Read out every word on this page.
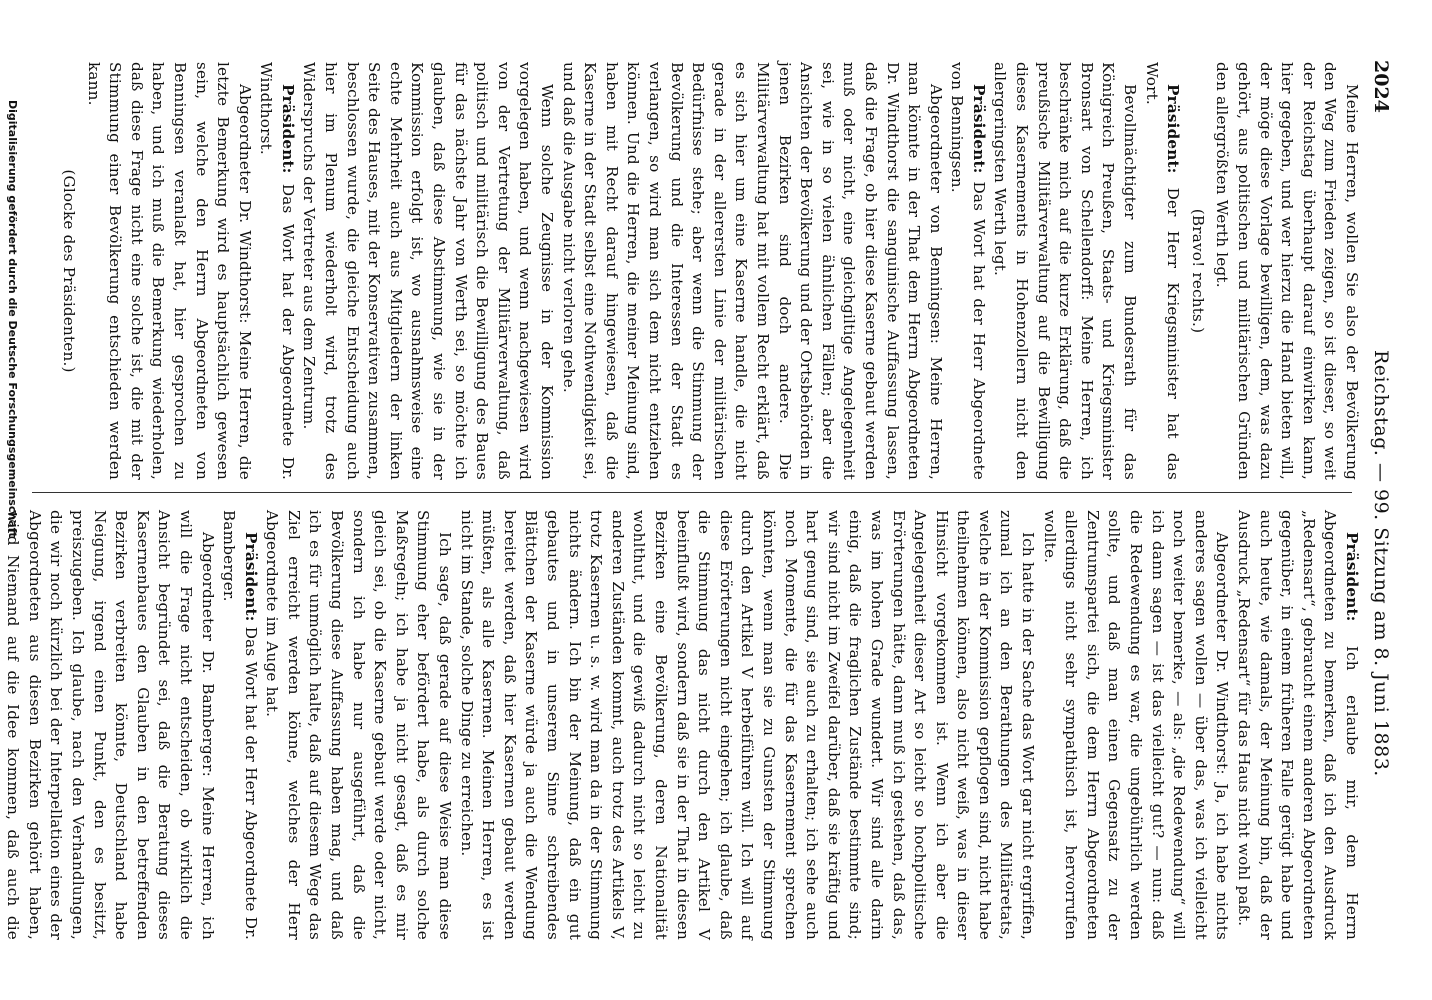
2024
Reichstag. — 99. Sitzung am 8. Juni 1883.

Meine Herren, wollen Sie also der Bevölkerung den Weg zum Frieden zeigen, so ist dieser, so weit der Reichstag überhaupt darauf einwirken kann, hier gegeben, und wer hierzu die Hand bieten will, der möge diese Vorlage bewilligen, dem, was dazu gehört, aus politischen und militärischen Gründen den allergrößten Werth legt.

(Bravo! rechts.)

Präsident: Der Herr Kriegsminister hat das Wort.

Bevollmächtigter zum Bundesrath für das Königreich Preußen, Staats- und Kriegsminister Bronsart von Schellendorff: Meine Herren, ich beschränke mich auf die kurze Erklärung, daß die preußische Militärverwaltung auf die Bewilligung dieses Kasernements in Hohenzollern nicht den allergeringsten Werth legt.

Präsident: Das Wort hat der Herr Abgeordnete von Benningsen.

Abgeordneter von Benningsen: Meine Herren, man könnte in der That dem Herrn Abgeordneten Dr. Windthorst die sanguinische Auffassung lassen, daß die Frage, ob hier diese Kaserne gebaut werden muß oder nicht, eine gleichgiltige Angelegenheit sei, wie in so vielen ähnlichen Fällen; aber die Ansichten der Bevölkerung und der Ortsbehörden in jenen Bezirken sind doch andere. Die Militärverwaltung hat mit vollem Recht erklärt, daß es sich hier um eine Kaserne handle, die nicht gerade in der allerersten Linie der militärischen Bedürfnisse stehe; aber wenn die Stimmung der Bevölkerung und die Interessen der Stadt es verlangen, so wird man sich dem nicht entziehen können. Und die Herren, die meiner Meinung sind, haben mit Recht darauf hingewiesen, daß die Kaserne in der Stadt selbst eine Nothwendigkeit sei, und daß die Ausgabe nicht verloren gehe.

Wenn solche Zeugnisse in der Kommission vorgelegen haben, und wenn nachgewiesen wird von der Vertretung der Militärverwaltung, daß politisch und militärisch die Bewilligung des Baues für das nächste Jahr von Werth sei, so möchte ich glauben, daß diese Abstimmung, wie sie in der Kommission erfolgt ist, wo ausnahmsweise eine echte Mehrheit auch aus Mitgliedern der linken Seite des Hauses, mit der Konservativen zusammen, beschlossen wurde, die gleiche Entscheidung auch hier im Plenum wiederholt wird, trotz des Widerspruchs der Vertreter aus dem Zentrum.

Präsident: Das Wort hat der Abgeordnete Dr. Windthorst.

Abgeordneter Dr. Windthorst: Meine Herren, die letzte Bemerkung wird es hauptsächlich gewesen sein, welche den Herrn Abgeordneten von Benningsen veranlaßt hat, hier gesprochen zu haben, und ich muß die Bemerkung wiederholen, daß diese Frage nicht eine solche ist, die mit der Stimmung einer Bevölkerung entschieden werden kann.

(Glocke des Präsidenten.)

Präsident: Ich erlaube mir, dem Herrn Abgeordneten zu bemerken, daß ich den Ausdruck „Redensart“, gebraucht einem anderen Abgeordneten gegenüber, in einem früheren Falle gerügt habe und auch heute, wie damals, der Meinung bin, daß der Ausdruck „Redensart“ für das Haus nicht wohl paßt.

Abgeordneter Dr. Windthorst: Ja, ich habe nichts anderes sagen wollen — über das, was ich vielleicht noch weiter bemerke, — als: „die Redewendung“ will ich dann sagen — ist das vielleicht gut? — nun: daß die Redewendung es war, die ungebührlich werden sollte, und daß man einen Gegensatz zu der Zentrumspartei sich, die dem Herrn Abgeordneten allerdings nicht sehr sympathisch ist, hervorrufen wollte.

Ich hatte in der Sache das Wort gar nicht ergriffen, zumal ich an den Berathungen des Militäretats, welche in der Kommission gepflogen sind, nicht habe theilnehmen können, also nicht weiß, was in dieser Hinsicht vorgekommen ist. Wenn ich aber die Angelegenheit dieser Art so leicht so hochpolitische Erörterungen hätte, dann muß ich gestehen, daß das, was im hohen Grade wundert. Wir sind alle darin einig, daß die fraglichen Zustände bestimmte sind; wir sind nicht im Zweifel darüber, daß sie kräftig und hart genug sind, sie auch zu erhalten; ich sehe auch noch Momente, die für das Kasernement sprechen könnten, wenn man sie zu Gunsten der Stimmung durch den Artikel V herbeiführen will. Ich will auf diese Erörterungen nicht eingehen; ich glaube, daß die Stimmung das nicht durch den Artikel V beeinflußt wird, sondern daß sie in der That in diesen Bezirken eine Bevölkerung, deren Nationalität wohlthut, und die gewiß dadurch nicht so leicht zu anderen Zuständen kommt, auch trotz des Artikels V, trotz Kasernen u. s. w. wird man da in der Stimmung nichts ändern. Ich bin der Meinung, daß ein gut gebautes und in unserem Sinne schreibendes Blättchen der Kaserne würde ja auch die Wendung bereitet werden, daß hier Kasernen gebaut werden müßten, als alle Kasernen. Meinen Herren, es ist nicht im Stande, solche Dinge zu erreichen.

Ich sage, daß gerade auf diese Weise man diese Stimmung eher befördert habe, als durch solche Maßregeln; ich habe ja nicht gesagt, daß es mir gleich sei, ob die Kaserne gebaut werde oder nicht, sondern ich habe nur ausgeführt, daß die Bevölkerung diese Auffassung haben mag, und daß ich es für unmöglich halte, daß auf diesem Wege das Ziel erreicht werden könne, welches der Herr Abgeordnete im Auge hat.

Präsident: Das Wort hat der Herr Abgeordnete Dr. Bamberger.

Abgeordneter Dr. Bamberger: Meine Herren, ich will die Frage nicht entscheiden, ob wirklich die Ansicht begründet sei, daß die Beratung dieses Kasernenbaues den Glauben in den betreffenden Bezirken verbreiten könnte, Deutschland habe Neigung, irgend einen Punkt, den es besitzt, preiszugeben. Ich glaube, nach den Verhandlungen, die wir noch kürzlich bei der Interpellation eines der Abgeordneten aus diesen Bezirken gehört haben, wird Niemand auf die Idee kommen, daß auch die

Digitalisierung gefördert durch die Deutsche Forschungsgemeinschaft
